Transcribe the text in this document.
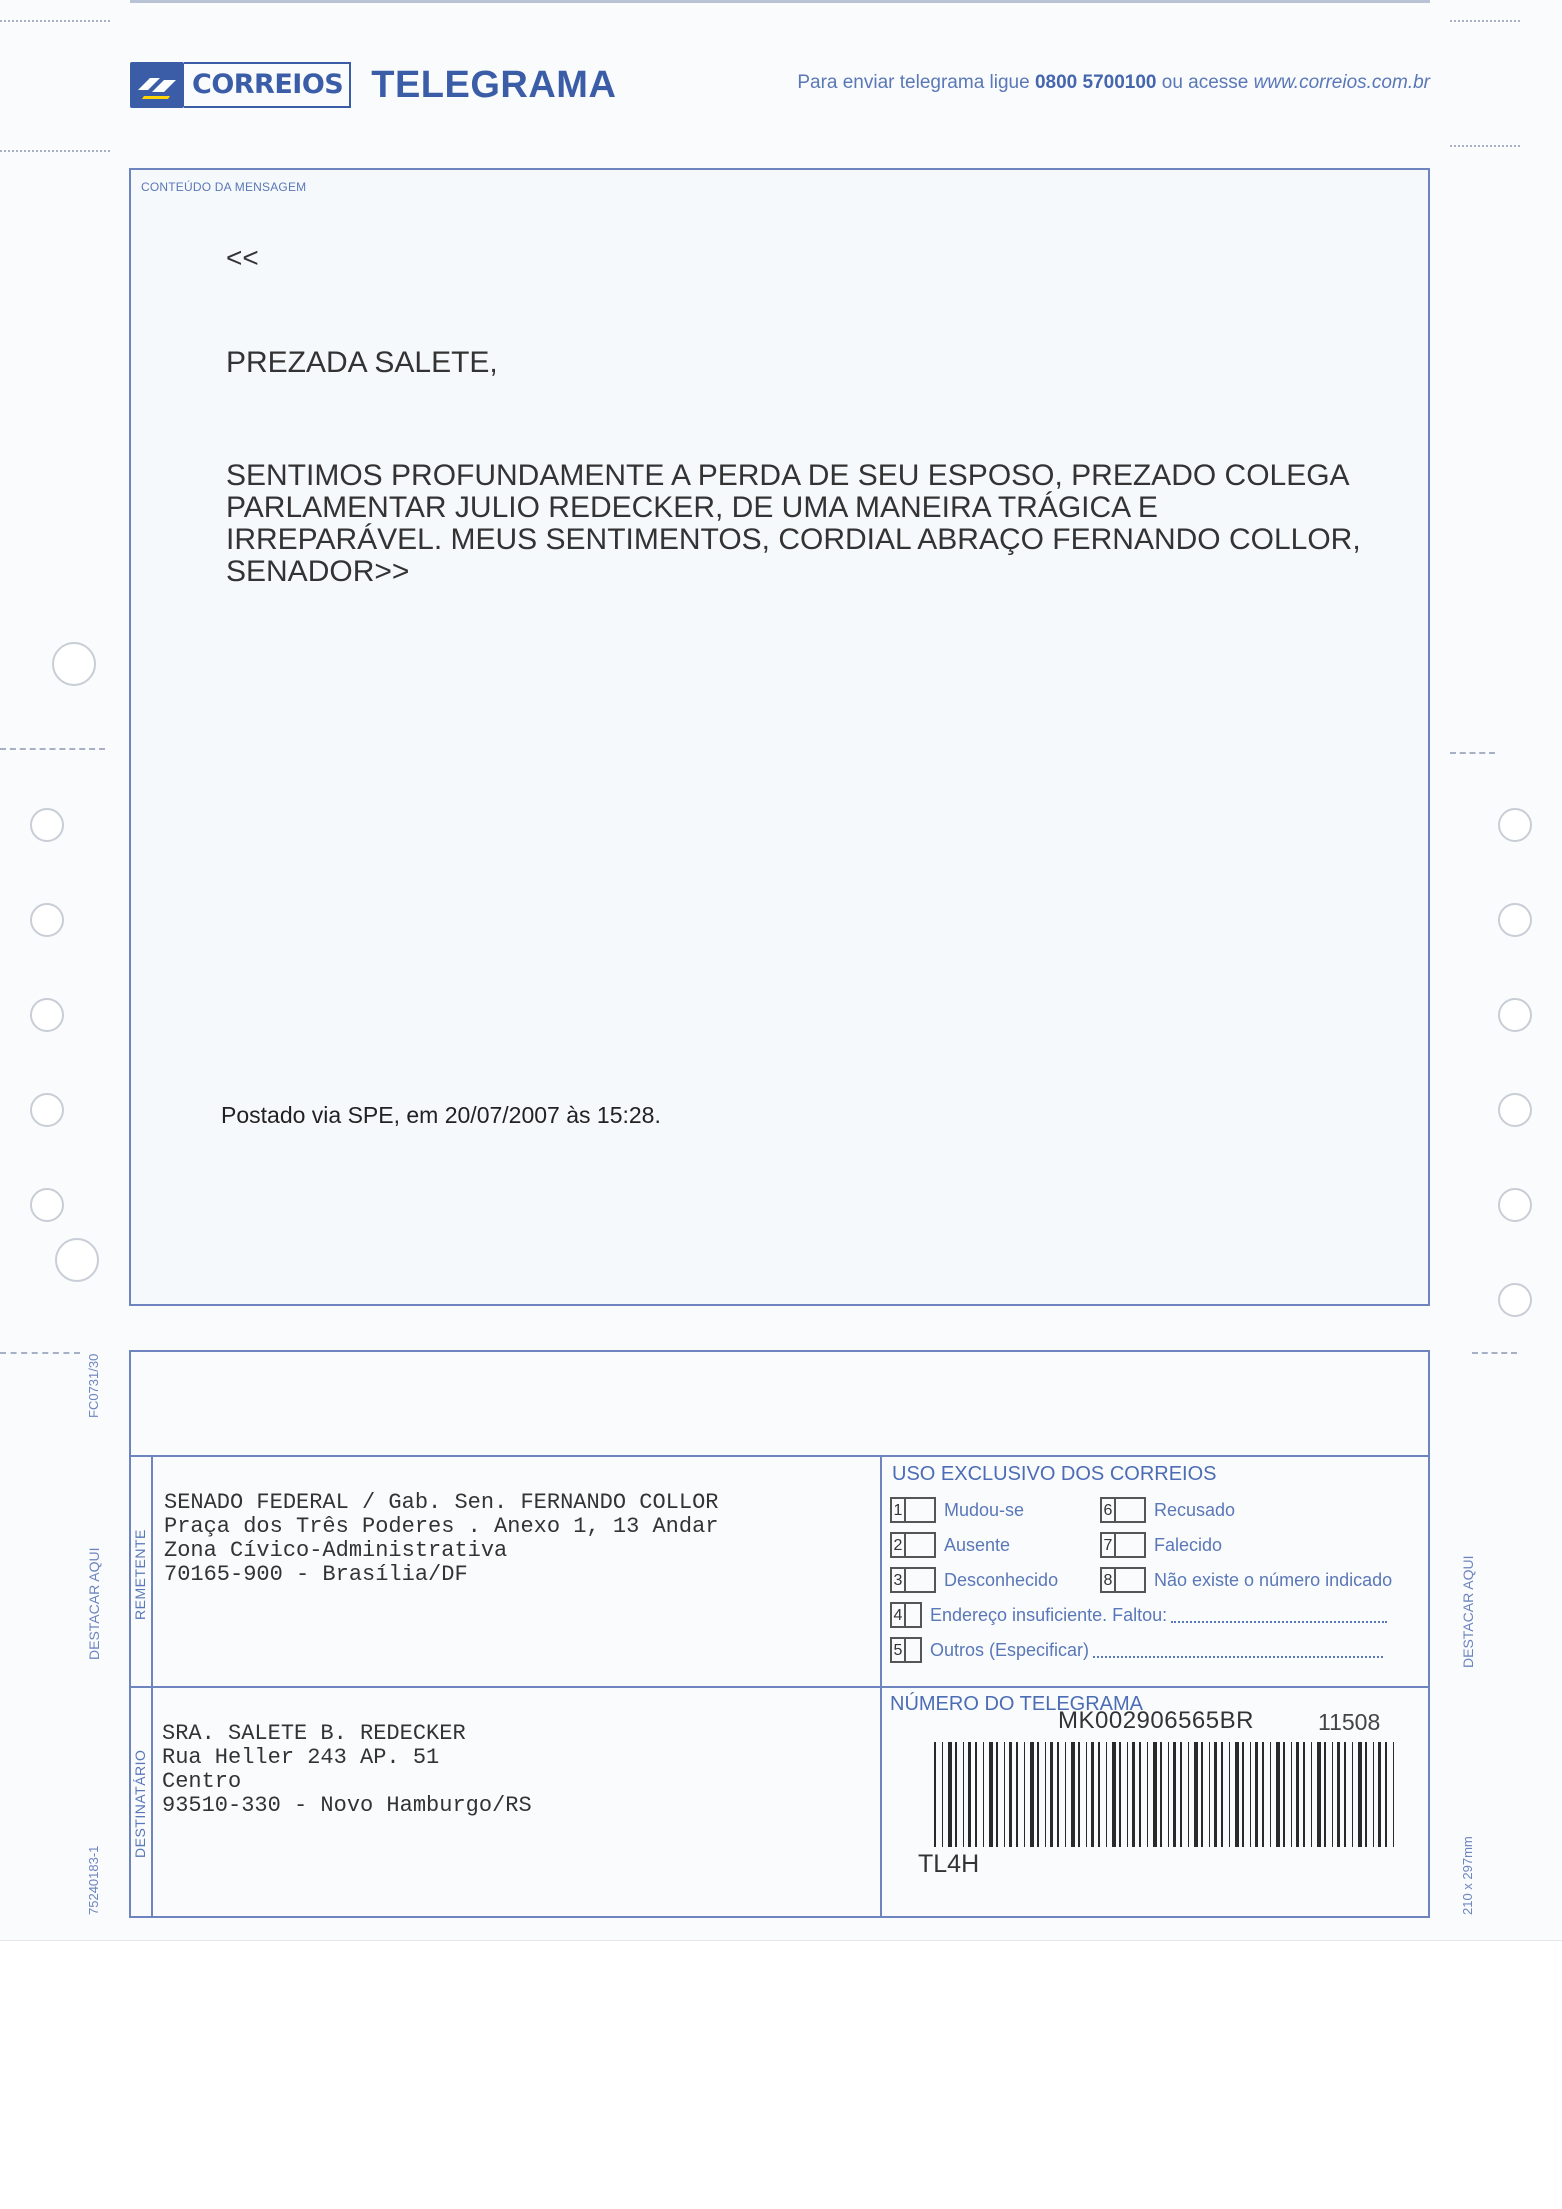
CORREIOS TELEGRAMA	Para enviar telegrama ligue 0800 5700100 ou acesse www.correios.com.br
CONTEÚDO DA MENSAGEM
<<
PREZADA SALETE,
SENTIMOS PROFUNDAMENTE A PERDA DE SEU ESPOSO, PREZADO COLEGA
PARLAMENTAR JULIO REDECKER, DE UMA MANEIRA TRÁGICA E
IRREPARÁVEL. MEUS SENTIMENTOS, CORDIAL ABRAÇO FERNANDO COLLOR,
SENADOR>>
Postado via SPE, em 20/07/2007 às 15:28.
REMETENTE
DESTINATÁRIO
SENADO FEDERAL / Gab. Sen. FERNANDO COLLOR
Praça dos Três Poderes . Anexo 1, 13 Andar
Zona Cívico-Administrativa
70165-900 - Brasília/DF
SRA. SALETE B. REDECKER
Rua Heller 243 AP. 51
Centro
93510-330 - Novo Hamburgo/RS
USO EXCLUSIVO DOS CORREIOS
1 Mudou-se
2 Ausente
3 Desconhecido
4 Endereço insuficiente. Faltou:
5 Outros (Especificar)
6 Recusado
7 Falecido
8 Não existe o número indicado
NÚMERO DO TELEGRAMA
MK002906565BR	11508
TL4H
FC0731/30
DESTACAR AQUI
75240183-1
DESTACAR AQUI
210 x 297mm
